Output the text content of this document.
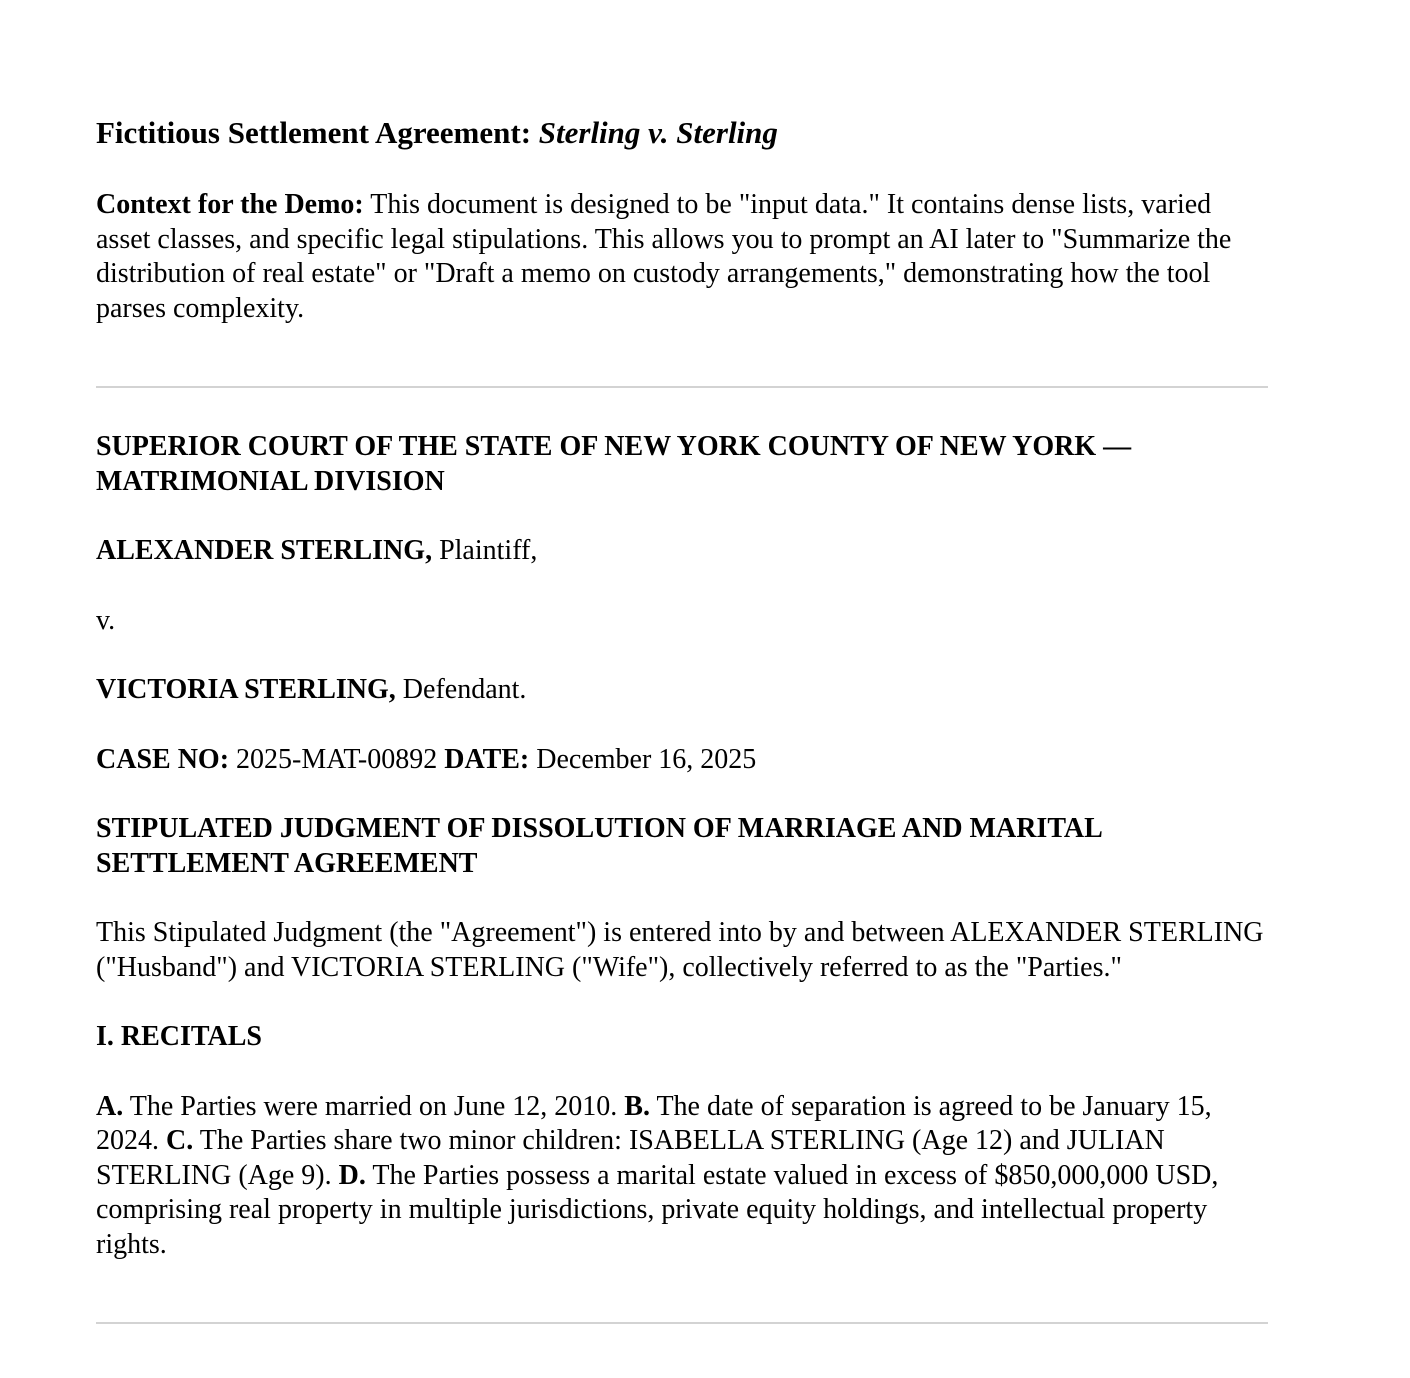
Fictitious Settlement Agreement: Sterling v. Sterling

Context for the Demo: This document is designed to be "input data." It contains dense lists, varied asset classes, and specific legal stipulations. This allows you to prompt an AI later to "Summarize the distribution of real estate" or "Draft a memo on custody arrangements," demonstrating how the tool parses complexity.

SUPERIOR COURT OF THE STATE OF NEW YORK COUNTY OF NEW YORK — MATRIMONIAL DIVISION

ALEXANDER STERLING, Plaintiff,

v.

VICTORIA STERLING, Defendant.

CASE NO: 2025-MAT-00892 DATE: December 16, 2025

STIPULATED JUDGMENT OF DISSOLUTION OF MARRIAGE AND MARITAL SETTLEMENT AGREEMENT

This Stipulated Judgment (the "Agreement") is entered into by and between ALEXANDER STERLING ("Husband") and VICTORIA STERLING ("Wife"), collectively referred to as the "Parties."

I. RECITALS

A. The Parties were married on June 12, 2010. B. The date of separation is agreed to be January 15, 2024. C. The Parties share two minor children: ISABELLA STERLING (Age 12) and JULIAN STERLING (Age 9). D. The Parties possess a marital estate valued in excess of $850,000,000 USD, comprising real property in multiple jurisdictions, private equity holdings, and intellectual property rights.
